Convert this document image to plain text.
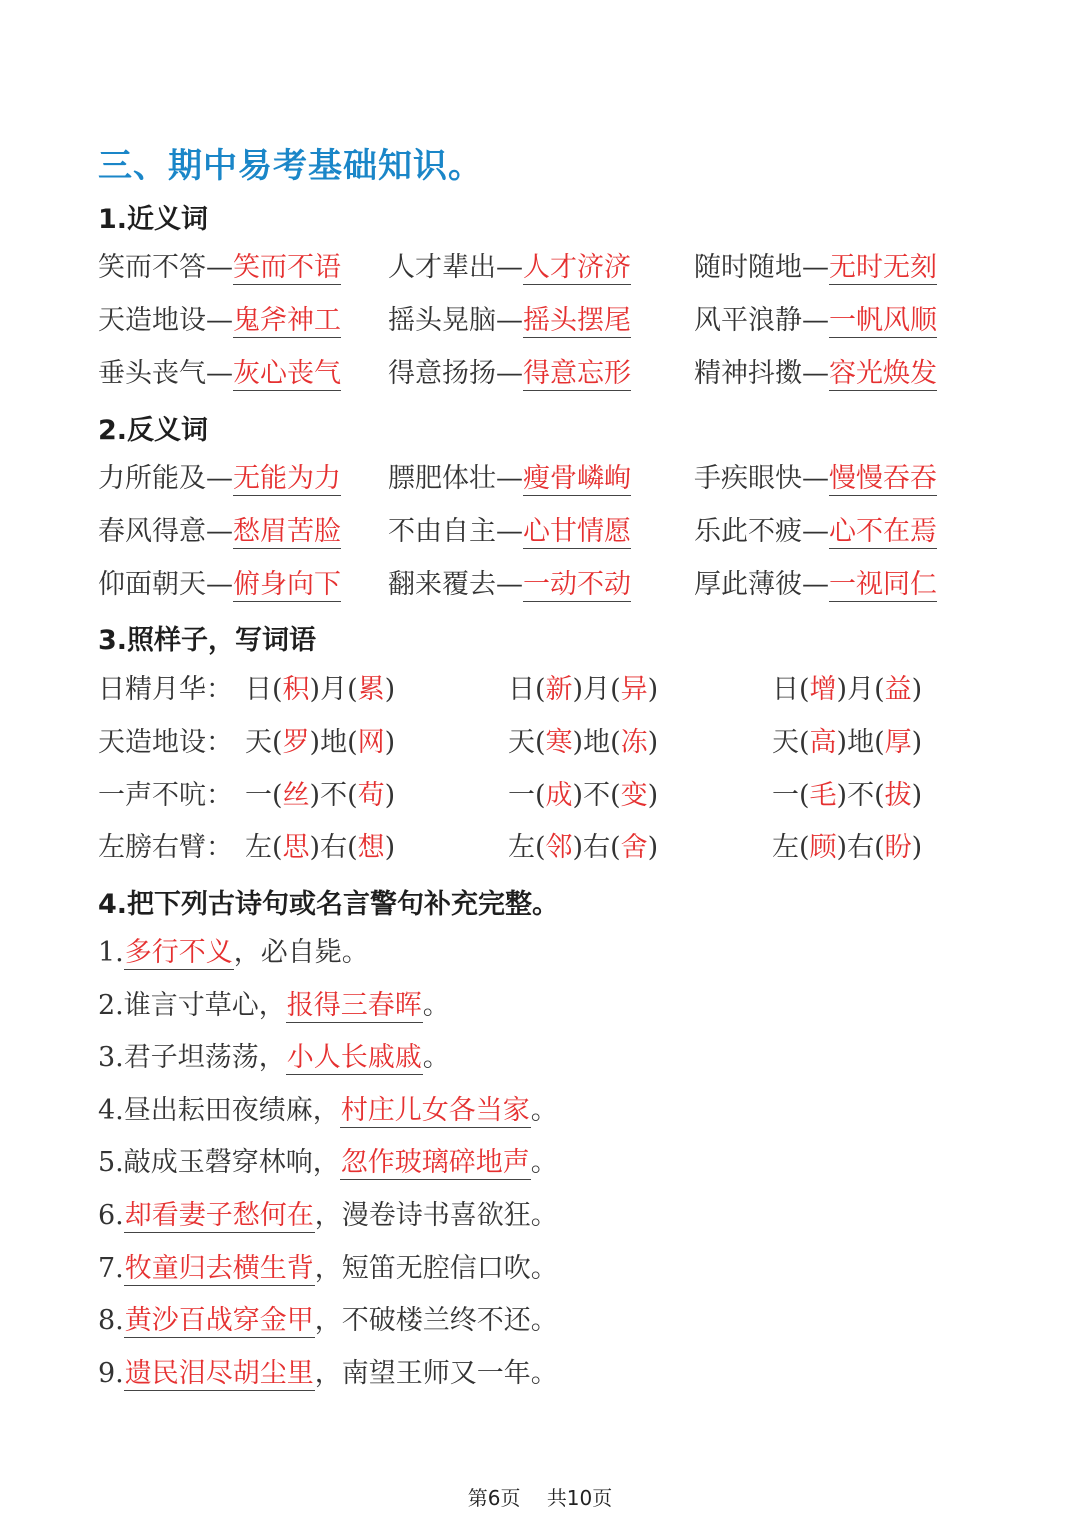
三、期中易考基础知识。
1.近义词
笑而不答—笑而不语 人才辈出—人才济济 随时随地—无时无刻
天造地设—鬼斧神工 摇头晃脑—摇头摆尾 风平浪静—一帆风顺
垂头丧气—灰心丧气 得意扬扬—得意忘形 精神抖擞—容光焕发
2.反义词
力所能及—无能为力 膘肥体壮—瘦骨嶙峋 手疾眼快—慢慢吞吞
春风得意—愁眉苦脸 不由自主—心甘情愿 乐此不疲—心不在焉
仰面朝天—俯身向下 翻来覆去—一动不动 厚此薄彼—一视同仁
3.照样子，写词语
日精月华： 日(积)月(累)	日(新)月(异)	日(增)月(益)
天造地设： 天(罗)地(网)	天(寒)地(冻)	天(高)地(厚)
一声不吭： 一(丝)不(苟)	一(成)不(变)	一(毛)不(拔)
左膀右臂： 左(思)右(想)	左(邻)右(舍)	左(顾)右(盼)
4.把下列古诗句或名言警句补充完整。
1.多行不义，必自毙。
2.谁言寸草心，报得三春晖。
3.君子坦荡荡，小人长戚戚。
4.昼出耘田夜绩麻，村庄儿女各当家。
5.敲成玉磬穿林响，忽作玻璃碎地声。
6.却看妻子愁何在，漫卷诗书喜欲狂。
7.牧童归去横生背，短笛无腔信口吹。
8.黄沙百战穿金甲，不破楼兰终不还。
9.遗民泪尽胡尘里，南望王师又一年。
第6页 共10页
